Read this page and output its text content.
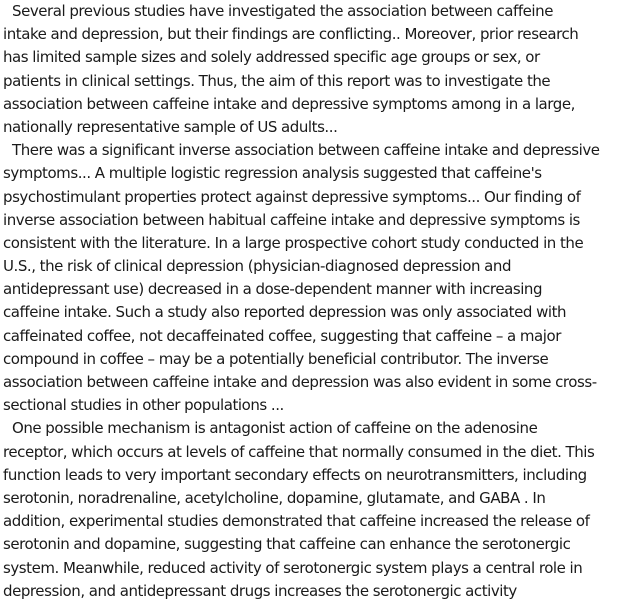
Several previous studies have investigated the association between caffeine
intake and depression, but their findings are conflicting.. Moreover, prior research
has limited sample sizes and solely addressed specific age groups or sex, or
patients in clinical settings. Thus, the aim of this report was to investigate the
association between caffeine intake and depressive symptoms among in a large,
nationally representative sample of US adults...

There was a significant inverse association between caffeine intake and depressive
symptoms... A multiple logistic regression analysis suggested that caffeine's
psychostimulant properties protect against depressive symptoms... Our finding of
inverse association between habitual caffeine intake and depressive symptoms is
consistent with the literature. In a large prospective cohort study conducted in the
U.S., the risk of clinical depression (physician-diagnosed depression and
antidepressant use) decreased in a dose-dependent manner with increasing
caffeine intake. Such a study also reported depression was only associated with
caffeinated coffee, not decaffeinated coffee, suggesting that caffeine – a major
compound in coffee – may be a potentially beneficial contributor. The inverse
association between caffeine intake and depression was also evident in some cross-
sectional studies in other populations ...

One possible mechanism is antagonist action of caffeine on the adenosine
receptor, which occurs at levels of caffeine that normally consumed in the diet. This
function leads to very important secondary effects on neurotransmitters, including
serotonin, noradrenaline, acetylcholine, dopamine, glutamate, and GABA . In
addition, experimental studies demonstrated that caffeine increased the release of
serotonin and dopamine, suggesting that caffeine can enhance the serotonergic
system. Meanwhile, reduced activity of serotonergic system plays a central role in
depression, and antidepressant drugs increases the serotonergic activity
